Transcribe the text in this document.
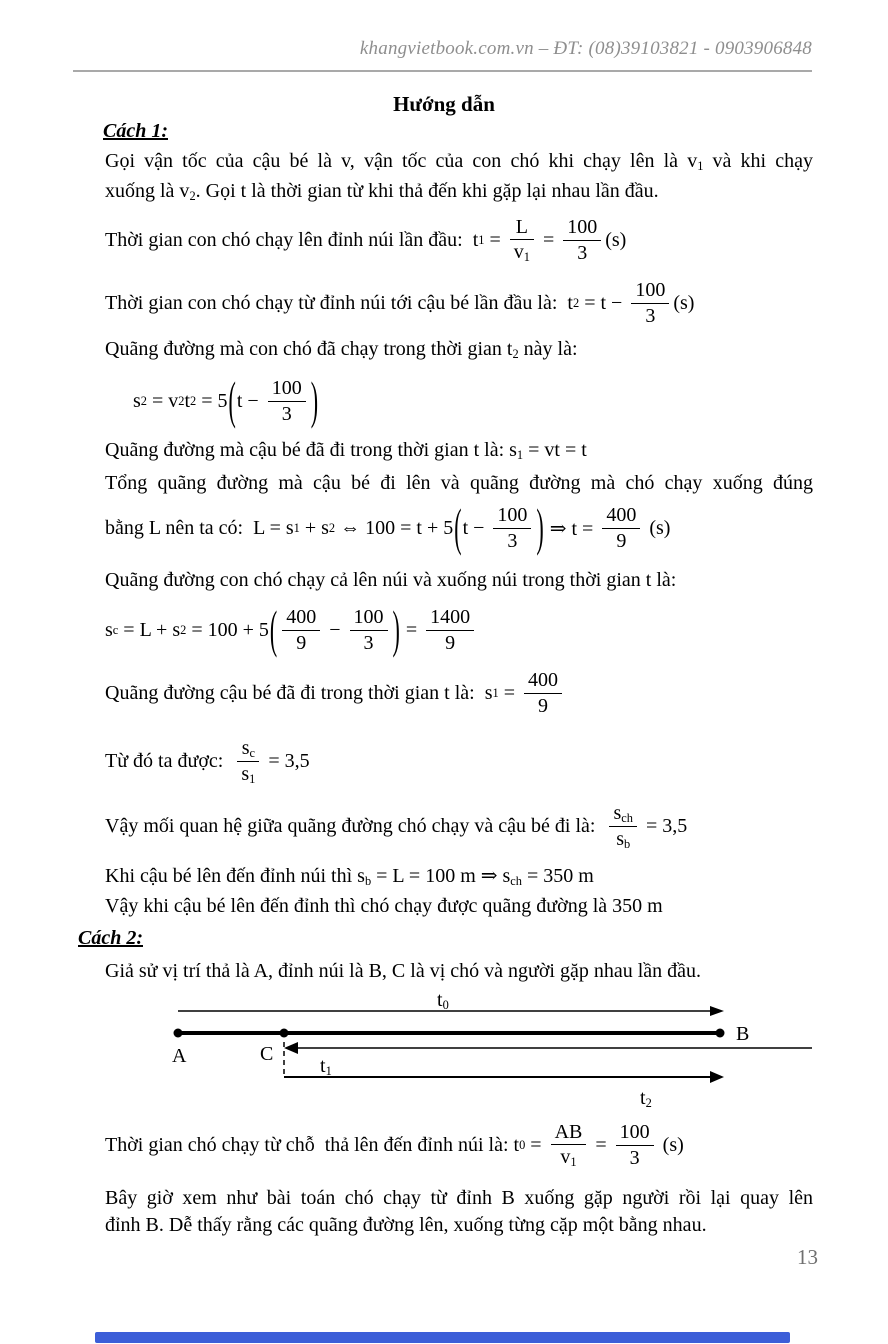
khangvietbook.com.vn – ĐT: (08)39103821 - 0903906848
Hướng dẫn
Cách 1:
Gọi vận tốc của cậu bé là v, vận tốc của con chó khi chạy lên là $v_1$ và khi chạy
xuống là $v_2$. Gọi t là thời gian từ khi thả đến khi gặp lại nhau lần đầu.
Thời gian con chó chạy lên đỉnh núi lần đầu:  t $1 = \frac{L}{v_1} = \frac{100}{3} (s)$
Thời gian con chó chạy từ đỉnh núi tới cậu bé lần đầu là:  t $2 = t - \frac{100}{3} (s)$
Quãng đường mà con chó đã chạy trong thời gian $t_2$ này là:
s 2 = v 2 t 2 = 5 ( $t - \frac{100}{3}$ )
Quãng đường mà cậu bé đã đi trong thời gian t là: $s_1$ = vt = t
Tổng quãng đường mà cậu bé đi lên và quãng đường mà chó chạy xuống đúng
bằng L nên ta có:  L = s 1 + s 2 ⇔ 100 = t + 5 ( $t - \frac{100}{3}$ ) ⇒ $t = \frac{400}{9} (s)$
Quãng đường con chó chạy cả lên núi và xuống núi trong thời gian t là:
s c = L + s 2 = 100 + 5 ( $\frac{400}{9} - \frac{100}{3}$ ) = $\frac{1400}{9}$
Quãng đường cậu bé đã đi trong thời gian t là:  s $1 = \frac{400}{9}$
Từ đó ta được: $\frac{s_c}{s_1} = 3,5$
Vậy mối quan hệ giữa quãng đường chó chạy và cậu bé đi là:
$s_{ch}$
$s_b$
= 3,5
Khi cậu bé lên đến đỉnh núi thì $s_b = L = 100$ m ⇒ $s_{ch} = 350$ m
Vậy khi cậu bé lên đến đỉnh thì chó chạy được quãng đường là 350 m
Cách 2:
Giả sử vị trí thả là A, đỉnh núi là B, C là vị chó và người gặp nhau lần đầu.
$t_0$
B
A	C
$t_1$
$t_2$
Thời gian chó chạy từ chỗ  thả lên đến đỉnh núi là: t $0 = \frac{AB}{v_1} = \frac{100}{3} (s)$
Bây giờ xem như bài toán chó chạy từ đỉnh B xuống gặp người rồi lại quay lên
đỉnh B. Dễ thấy rằng các quãng đường lên, xuống từng cặp một bằng nhau.
13
